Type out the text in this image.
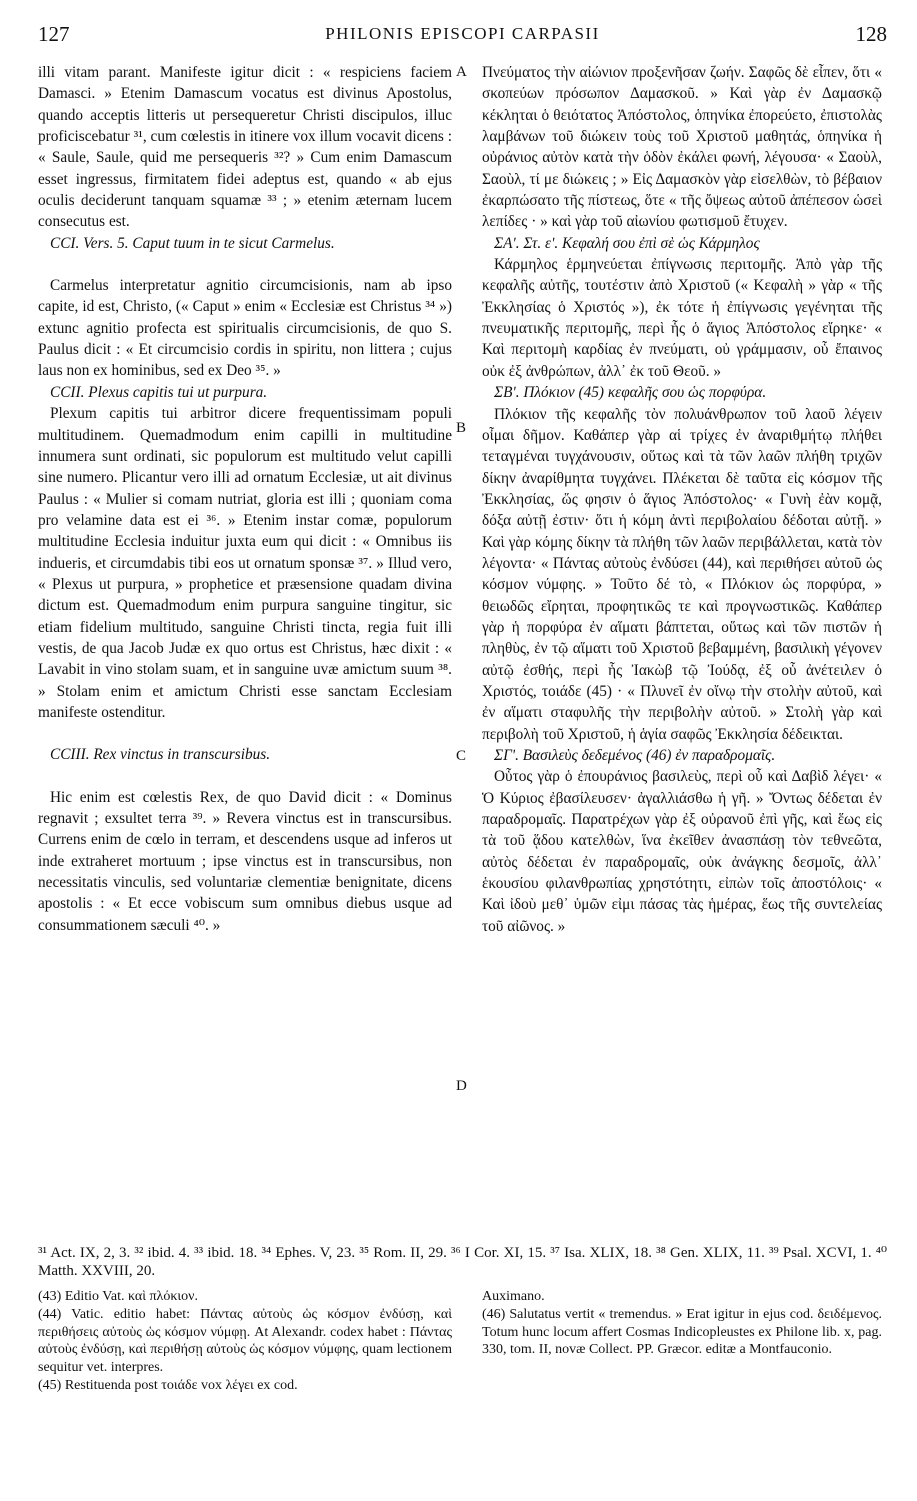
127	PHILONIS EPISCOPI CARPASII	128
A
B
C
D

illi vitam parant. Manifeste igitur dicit : « respiciens faciem Damasci. » Etenim Damascum vocatus est divinus Apostolus, quando acceptis litteris ut persequeretur Christi discipulos, illuc proficiscebatur ³¹, cum cœlestis in itinere vox illum vocavit dicens : « Saule, Saule, quid me persequeris ³²? » Cum enim Damascum esset ingressus, firmitatem fidei adeptus est, quando « ab ejus oculis deciderunt tanquam squamæ ³³ ; » etenim æternam lucem consecutus est.

CCI. Vers. 5. Caput tuum in te sicut Carmelus.

Carmelus interpretatur agnitio circumcisionis, nam ab ipso capite, id est, Christo, (« Caput » enim « Ecclesiæ est Christus ³⁴ ») extunc agnitio profecta est spiritualis circumcisionis, de quo S. Paulus dicit : « Et circumcisio cordis in spiritu, non littera ; cujus laus non ex hominibus, sed ex Deo ³⁵. »

CCII. Plexus capitis tui ut purpura.

Plexum capitis tui arbitror dicere frequentissimam populi multitudinem. Quemadmodum enim capilli in multitudine innumera sunt ordinati, sic populorum est multitudo velut capilli sine numero. Plicantur vero illi ad ornatum Ecclesiæ, ut ait divinus Paulus : « Mulier si comam nutriat, gloria est illi ; quoniam coma pro velamine data est ei ³⁶. » Etenim instar comæ, populorum multitudine Ecclesia induitur juxta eum qui dicit : « Omnibus iis indueris, et circumdabis tibi eos ut ornatum sponsæ ³⁷. » Illud vero, « Plexus ut purpura, » prophetice et præsensione quadam divina dictum est. Quemadmodum enim purpura sanguine tingitur, sic etiam fidelium multitudo, sanguine Christi tincta, regia fuit illi vestis, de qua Jacob Judæ ex quo ortus est Christus, hæc dixit : « Lavabit in vino stolam suam, et in sanguine uvæ amictum suum ³⁸. » Stolam enim et amictum Christi esse sanctam Ecclesiam manifeste ostenditur.

CCIII. Rex vinctus in transcursibus.

Hic enim est cœlestis Rex, de quo David dicit : « Dominus regnavit ; exsultet terra ³⁹. » Revera vinctus est in transcursibus. Currens enim de cœlo in terram, et descendens usque ad inferos ut inde extraheret mortuum ; ipse vinctus est in transcursibus, non necessitatis vinculis, sed voluntariæ clementiæ benignitate, dicens apostolis : « Et ecce vobiscum sum omnibus diebus usque ad consummationem sæculi ⁴⁰. »

Πνεύματος τὴν αἰώνιον προξενῆσαν ζωήν. Σαφῶς δὲ εἶπεν, ὅτι « σκοπεύων πρόσωπον Δαμασκοῦ. » Καὶ γὰρ ἐν Δαμασκῷ κέκληται ὁ θειότατος Ἀπόστολος, ὁπηνίκα ἐπορεύετο, ἐπιστολὰς λαμβάνων τοῦ διώκειν τοὺς τοῦ Χριστοῦ μαθητάς, ὁπηνίκα ἡ οὐράνιος αὐτὸν κατὰ τὴν ὁδὸν ἐκάλει φωνή, λέγουσα· « Σαοὺλ, Σαοὺλ, τί με διώκεις ; » Εἰς Δαμασκὸν γὰρ εἰσελθὼν, τὸ βέβαιον ἐκαρπώσατο τῆς πίστεως, ὅτε « τῆς ὄψεως αὐτοῦ ἀπέπεσον ὡσεὶ λεπίδες · » καὶ γὰρ τοῦ αἰωνίου φωτισμοῦ ἔτυχεν.

ΣΑʹ. Στ. εʹ. Κεφαλή σου ἐπὶ σὲ ὡς Κάρμηλος

Κάρμηλος ἑρμηνεύεται ἐπίγνωσις περιτομῆς. Ἀπὸ γὰρ τῆς κεφαλῆς αὐτῆς, τουτέστιν ἀπὸ Χριστοῦ (« Κεφαλὴ » γὰρ « τῆς Ἐκκλησίας ὁ Χριστός »), ἐκ τότε ἡ ἐπίγνωσις γεγένηται τῆς πνευματικῆς περιτομῆς, περὶ ἧς ὁ ἅγιος Ἀπόστολος εἴρηκε· « Καὶ περιτομὴ καρδίας ἐν πνεύματι, οὐ γράμμασιν, οὗ ἔπαινος οὐκ ἐξ ἀνθρώπων, ἀλλ᾽ ἐκ τοῦ Θεοῦ. »

ΣΒʹ. Πλόκιον (45) κεφαλῆς σου ὡς πορφύρα.

Πλόκιον τῆς κεφαλῆς τὸν πολυάνθρωπον τοῦ λαοῦ λέγειν οἶμαι δῆμον. Καθάπερ γὰρ αἱ τρίχες ἐν ἀναριθμήτῳ πλήθει τεταγμέναι τυγχάνουσιν, οὕτως καὶ τὰ τῶν λαῶν πλήθη τριχῶν δίκην ἀναρίθμητα τυγχάνει. Πλέκεται δὲ ταῦτα εἰς κόσμον τῆς Ἐκκλησίας, ὥς φησιν ὁ ἅγιος Ἀπόστολος· « Γυνὴ ἐὰν κομᾷ, δόξα αὐτῇ ἐστιν· ὅτι ἡ κόμη ἀντὶ περιβολαίου δέδοται αὐτῇ. » Καὶ γὰρ κόμης δίκην τὰ πλήθη τῶν λαῶν περιβάλλεται, κατὰ τὸν λέγοντα· « Πάντας αὐτοὺς ἐνδύσει (44), καὶ περιθήσει αὐτοῦ ὡς κόσμον νύμφης. » Τοῦτο δέ τὸ, « Πλόκιον ὡς πορφύρα, » θειωδῶς εἴρηται, προφητικῶς τε καὶ προγνωστικῶς. Καθάπερ γὰρ ἡ πορφύρα ἐν αἵματι βάπτεται, οὕτως καὶ τῶν πιστῶν ἡ πληθὺς, ἐν τῷ αἵματι τοῦ Χριστοῦ βεβαμμένη, βασιλικὴ γέγονεν αὐτῷ ἐσθής, περὶ ἧς Ἰακὼβ τῷ Ἰούδᾳ, ἐξ οὗ ἀνέτειλεν ὁ Χριστός, τοιάδε (45) · « Πλυνεῖ ἐν οἴνῳ τὴν στολὴν αὐτοῦ, καὶ ἐν αἵματι σταφυλῆς τὴν περιβολὴν αὐτοῦ. » Στολὴ γὰρ καὶ περιβολὴ τοῦ Χριστοῦ, ἡ ἁγία σαφῶς Ἐκκλησία δέδεικται.

ΣΓʹ. Βασιλεὺς δεδεμένος (46) ἐν παραδρομαῖς.

Οὗτος γὰρ ὁ ἐπουράνιος βασιλεὺς, περὶ οὗ καὶ Δαβὶδ λέγει· « Ὁ Κύριος ἐβασίλευσεν· ἀγαλλιάσθω ἡ γῆ. » Ὄντως δέδεται ἐν παραδρομαῖς. Παρατρέχων γὰρ ἐξ οὐρανοῦ ἐπὶ γῆς, καὶ ἕως εἰς τὰ τοῦ ᾅδου κατελθὼν, ἵνα ἐκεῖθεν ἀνασπάσῃ τὸν τεθνεῶτα, αὐτὸς δέδεται ἐν παραδρομαῖς, οὐκ ἀνάγκης δεσμοῖς, ἀλλ᾽ ἑκουσίου φιλανθρωπίας χρηστότητι, εἰπὼν τοῖς ἀποστόλοις· « Καὶ ἰδοὺ μεθ᾽ ὑμῶν εἰμι πάσας τὰς ἡμέρας, ἕως τῆς συντελείας τοῦ αἰῶνος. »

³¹ Act. IX, 2, 3. ³² ibid. 4. ³³ ibid. 18. ³⁴ Ephes. V, 23. ³⁵ Rom. II, 29. ³⁶ I Cor. XI, 15. ³⁷ Isa. XLIX, 18. ³⁸ Gen. XLIX, 11. ³⁹ Psal. XCVI, 1. ⁴⁰ Matth. XXVIII, 20.

(43) Editio Vat. καὶ πλόκιον.

(44) Vatic. editio habet: Πάντας αὐτοὺς ὡς κόσμον ἐνδύσῃ, καὶ περιθήσεις αὐτοὺς ὡς κόσμον νύμφῃ. At Alexandr. codex habet : Πάντας αὐτοὺς ἐνδύσῃ, καὶ περιθήσῃ αὐτοὺς ὡς κόσμον νύμφης, quam lectionem sequitur vet. interpres.

(45) Restituenda post τοιάδε vox λέγει ex cod.

Auximano.

(46) Salutatus vertit « tremendus. » Erat igitur in ejus cod. δειδέμενος. Totum hunc locum affert Cosmas Indicopleustes ex Philone lib. x, pag. 330, tom. II, novæ Collect. PP. Græcor. editæ a Montfauconio.
